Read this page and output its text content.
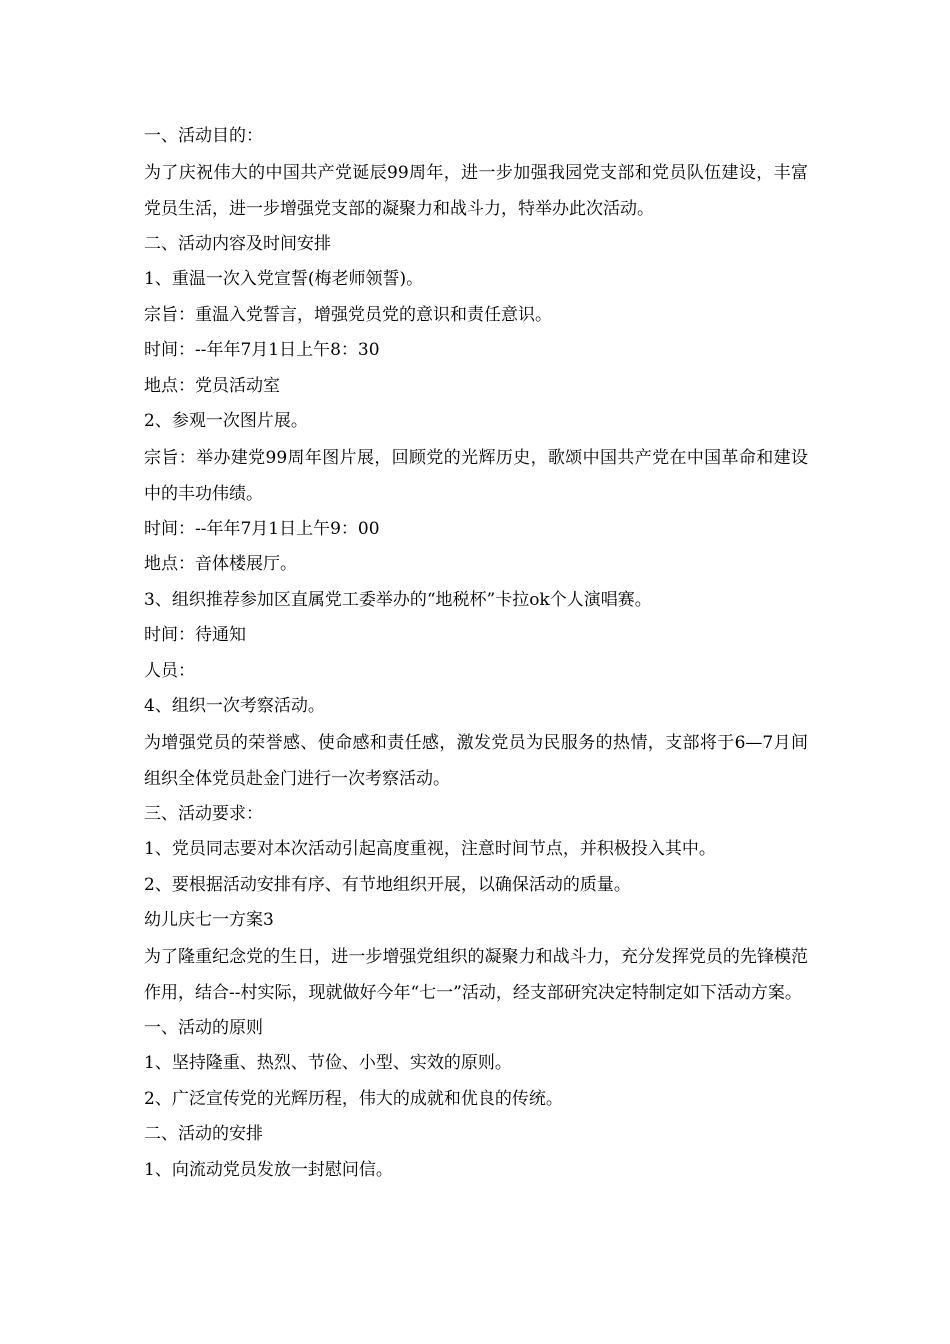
一、活动目的：
为了庆祝伟大的中国共产党诞辰99周年，进一步加强我园党支部和党员队伍建设，丰富党员生活，进一步增强党支部的凝聚力和战斗力，特举办此次活动。
二、活动内容及时间安排
1、重温一次入党宣誓(梅老师领誓)。
宗旨：重温入党誓言，增强党员党的意识和责任意识。
时间：--年年7月1日上午8：30
地点：党员活动室
2、参观一次图片展。
宗旨：举办建党99周年图片展，回顾党的光辉历史，歌颂中国共产党在中国革命和建设中的丰功伟绩。
时间：--年年7月1日上午9：00
地点：音体楼展厅。
3、组织推荐参加区直属党工委举办的“地税杯”卡拉ok个人演唱赛。
时间：待通知
人员：
4、组织一次考察活动。
为增强党员的荣誉感、使命感和责任感，激发党员为民服务的热情，支部将于6—7月间组织全体党员赴金门进行一次考察活动。
三、活动要求：
1、党员同志要对本次活动引起高度重视，注意时间节点，并积极投入其中。
2、要根据活动安排有序、有节地组织开展，以确保活动的质量。
幼儿庆七一方案3
为了隆重纪念党的生日，进一步增强党组织的凝聚力和战斗力，充分发挥党员的先锋模范作用，结合--村实际，现就做好今年“七一”活动，经支部研究决定特制定如下活动方案。
一、活动的原则
1、坚持隆重、热烈、节俭、小型、实效的原则。
2、广泛宣传党的光辉历程，伟大的成就和优良的传统。
二、活动的安排
1、向流动党员发放一封慰问信。
